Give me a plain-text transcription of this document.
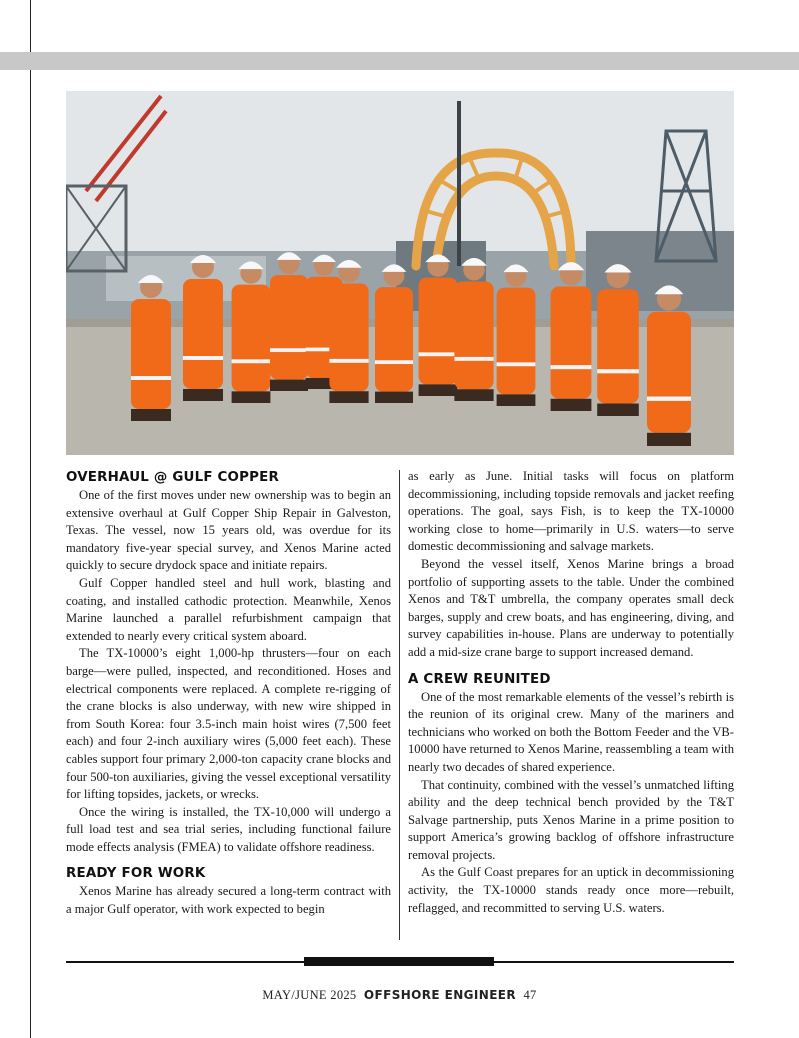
OVERHAUL @ GULF COPPER

One of the first moves under new ownership was to begin an extensive overhaul at Gulf Copper Ship Repair in Galveston, Texas. The vessel, now 15 years old, was overdue for its mandatory five-year special survey, and Xenos Marine acted quickly to secure drydock space and initiate repairs.

Gulf Copper handled steel and hull work, blasting and coating, and installed cathodic protection. Meanwhile, Xenos Marine launched a parallel refurbishment campaign that extended to nearly every critical system aboard.

The TX-10000’s eight 1,000-hp thrusters—four on each barge—were pulled, inspected, and reconditioned. Hoses and electrical components were replaced. A complete re-rigging of the crane blocks is also underway, with new wire shipped in from South Korea: four 3.5-inch main hoist wires (7,500 feet each) and four 2-inch auxiliary wires (5,000 feet each). These cables support four primary 2,000-ton capacity crane blocks and four 500-ton auxiliaries, giving the vessel exceptional versatility for lifting topsides, jackets, or wrecks.

Once the wiring is installed, the TX-10,000 will undergo a full load test and sea trial series, including functional failure mode effects analysis (FMEA) to validate offshore readiness.

READY FOR WORK

Xenos Marine has already secured a long-term contract with a major Gulf operator, with work expected to begin

as early as June. Initial tasks will focus on platform decommissioning, including topside removals and jacket reefing operations. The goal, says Fish, is to keep the TX-10000 working close to home—primarily in U.S. waters—to serve domestic decommissioning and salvage markets.

Beyond the vessel itself, Xenos Marine brings a broad portfolio of supporting assets to the table. Under the combined Xenos and T&T umbrella, the company operates small deck barges, supply and crew boats, and has engineering, diving, and survey capabilities in-house. Plans are underway to potentially add a mid-size crane barge to support increased demand.

A CREW REUNITED

One of the most remarkable elements of the vessel’s rebirth is the reunion of its original crew. Many of the mariners and technicians who worked on both the Bottom Feeder and the VB-10000 have returned to Xenos Marine, reassembling a team with nearly two decades of shared experience.

That continuity, combined with the vessel’s unmatched lifting ability and the deep technical bench provided by the T&T Salvage partnership, puts Xenos Marine in a prime position to support America’s growing backlog of offshore infrastructure removal projects.

As the Gulf Coast prepares for an uptick in decommissioning activity, the TX-10000 stands ready once more—rebuilt, reflagged, and recommitted to serving U.S. waters.

MAY/JUNE 2025 OFFSHORE ENGINEER 47
